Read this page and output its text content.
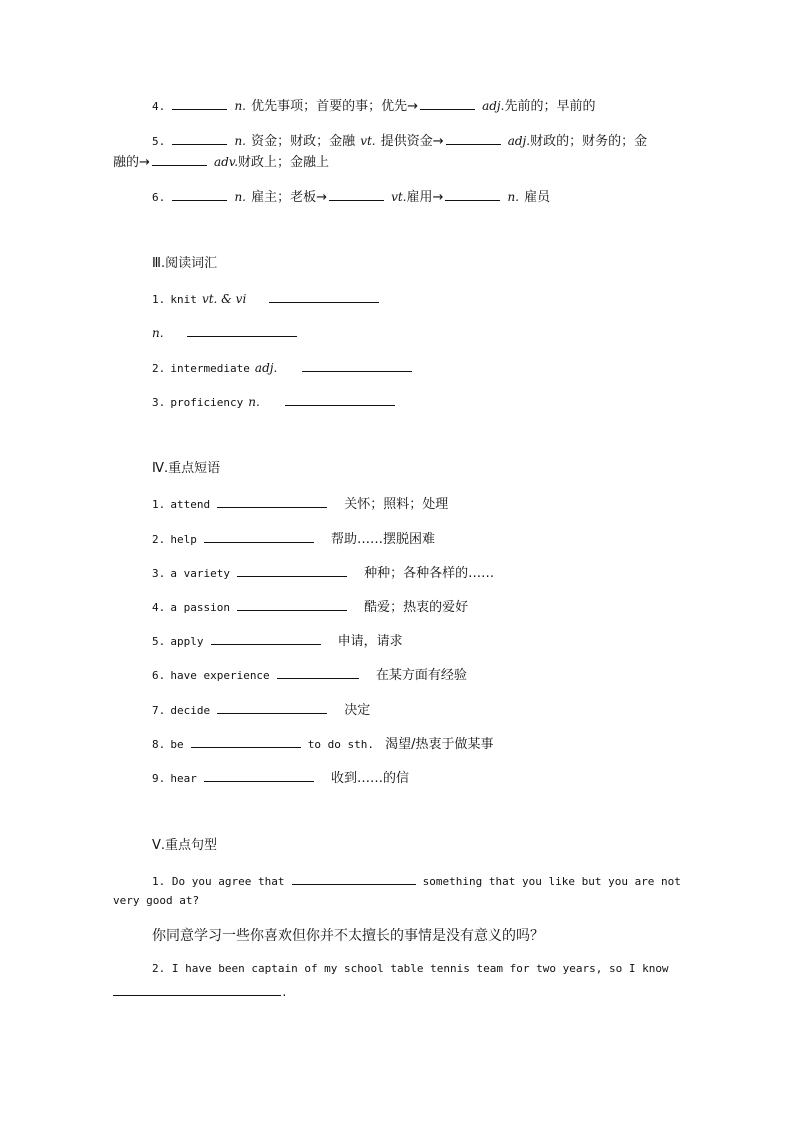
4.	n. 优先事项；首要的事；优先→	adj.先前的；早前的
5.	n. 资金；财政；金融 vt. 提供资金→	adj.财政的；财务的；金
融的→	adv.财政上；金融上
6.	n. 雇主；老板→	vt.雇用→	n. 雇员
Ⅲ.阅读词汇
1. knit vt. & vi
n.
2. intermediate adj.
3. proficiency n.
Ⅳ.重点短语
1. attend	关怀；照料；处理
2. help	帮助……摆脱困难
3. a variety	种种；各种各样的……
4. a passion	酷爱；热衷的爱好
5. apply	申请，请求
6. have experience	在某方面有经验
7. decide	决定
8. be	to do sth. 渴望/热衷于做某事
9. hear	收到……的信
Ⅴ.重点句型
1. Do you agree that	something that you like but you are not
very good at?
你同意学习一些你喜欢但你并不太擅长的事情是没有意义的吗？
2. I have been captain of my school table tennis team for two years, so I know
.
